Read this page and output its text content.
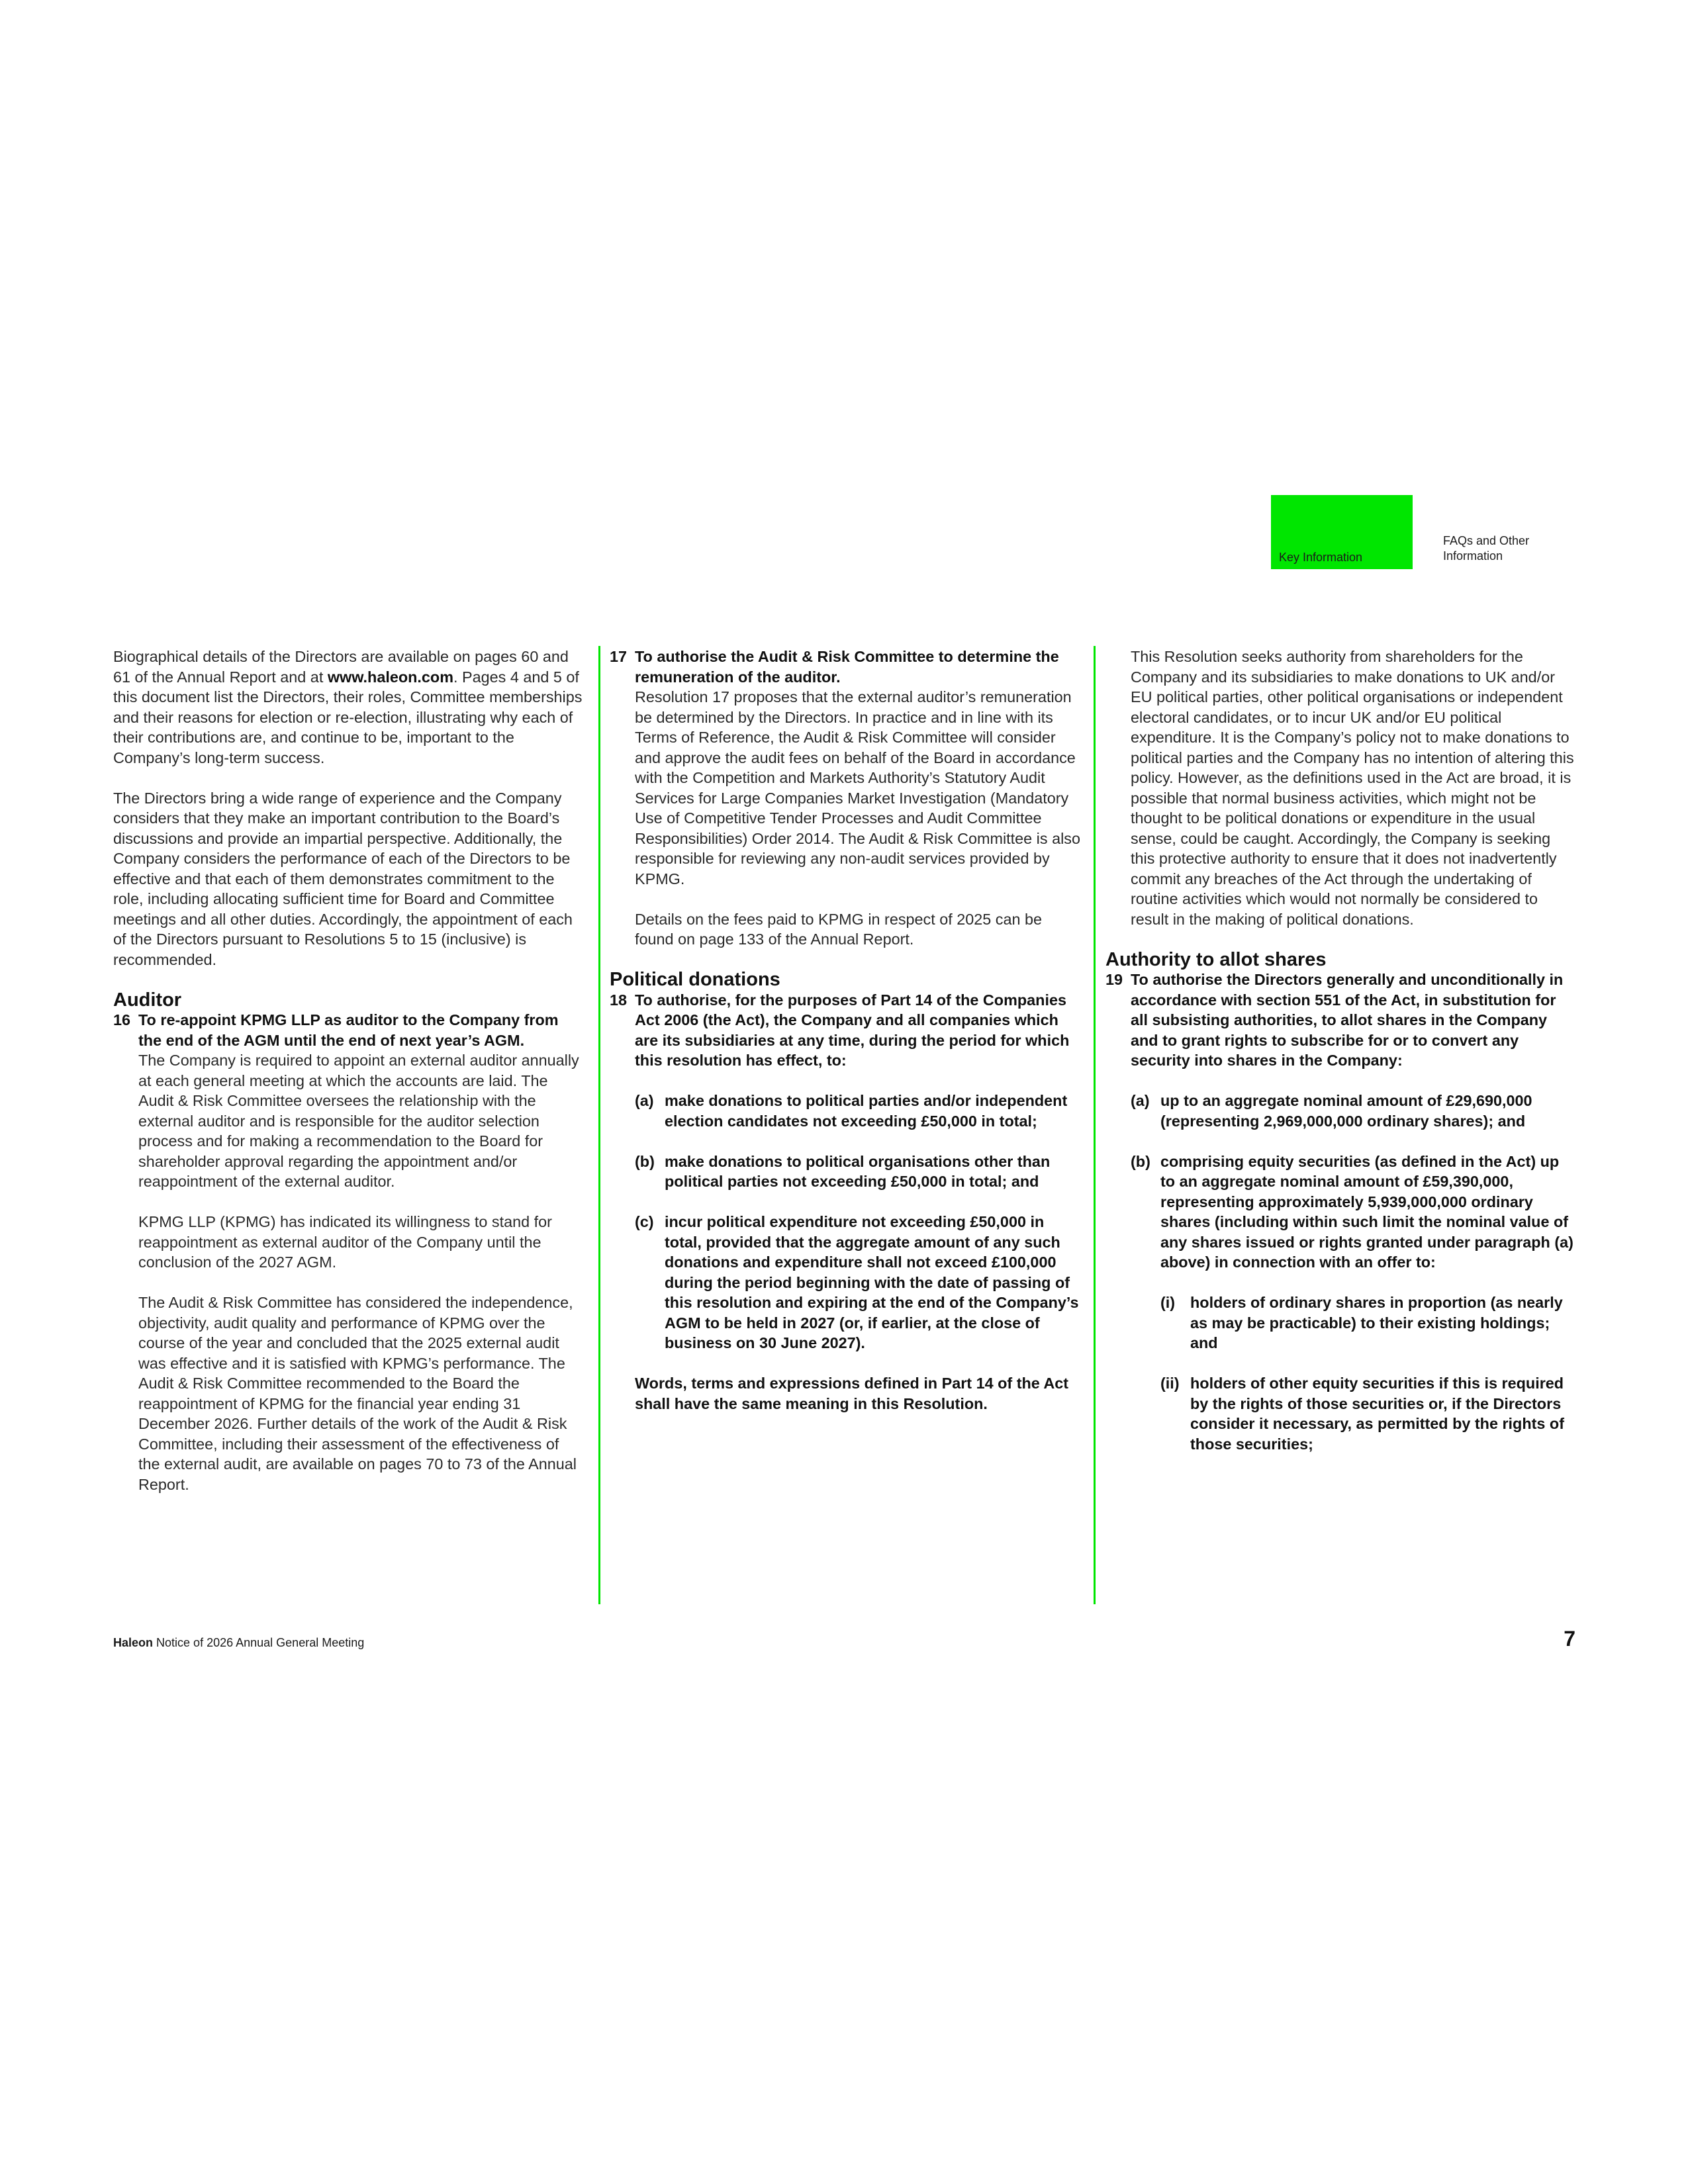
Key Information
FAQs and Other Information

Biographical details of the Directors are available on pages 60 and 61 of the Annual Report and at www.haleon.com. Pages 4 and 5 of this document list the Directors, their roles, Committee memberships and their reasons for election or re-election, illustrating why each of their contributions are, and continue to be, important to the Company’s long-term success.

The Directors bring a wide range of experience and the Company considers that they make an important contribution to the Board’s discussions and provide an impartial perspective. Additionally, the Company considers the performance of each of the Directors to be effective and that each of them demonstrates commitment to the role, including allocating sufficient time for Board and Committee meetings and all other duties. Accordingly, the appointment of each of the Directors pursuant to Resolutions 5 to 15 (inclusive) is recommended.

Auditor
16 To re-appoint KPMG LLP as auditor to the Company from the end of the AGM until the end of next year’s AGM.

The Company is required to appoint an external auditor annually at each general meeting at which the accounts are laid. The Audit & Risk Committee oversees the relationship with the external auditor and is responsible for the auditor selection process and for making a recommendation to the Board for shareholder approval regarding the appointment and/or reappointment of the external auditor.

KPMG LLP (KPMG) has indicated its willingness to stand for reappointment as external auditor of the Company until the conclusion of the 2027 AGM.

The Audit & Risk Committee has considered the independence, objectivity, audit quality and performance of KPMG over the course of the year and concluded that the 2025 external audit was effective and it is satisfied with KPMG’s performance. The Audit & Risk Committee recommended to the Board the reappointment of KPMG for the financial year ending 31 December 2026. Further details of the work of the Audit & Risk Committee, including their assessment of the effectiveness of the external audit, are available on pages 70 to 73 of the Annual Report.

17 To authorise the Audit & Risk Committee to determine the remuneration of the auditor.

Resolution 17 proposes that the external auditor’s remuneration be determined by the Directors. In practice and in line with its Terms of Reference, the Audit & Risk Committee will consider and approve the audit fees on behalf of the Board in accordance with the Competition and Markets Authority’s Statutory Audit Services for Large Companies Market Investigation (Mandatory Use of Competitive Tender Processes and Audit Committee Responsibilities) Order 2014. The Audit & Risk Committee is also responsible for reviewing any non-audit services provided by KPMG.

Details on the fees paid to KPMG in respect of 2025 can be found on page 133 of the Annual Report.

Political donations
18 To authorise, for the purposes of Part 14 of the Companies Act 2006 (the Act), the Company and all companies which are its subsidiaries at any time, during the period for which this resolution has effect, to:

(a) make donations to political parties and/or independent election candidates not exceeding £50,000 in total;
(b) make donations to political organisations other than political parties not exceeding £50,000 in total; and
(c) incur political expenditure not exceeding £50,000 in total, provided that the aggregate amount of any such donations and expenditure shall not exceed £100,000 during the period beginning with the date of passing of this resolution and expiring at the end of the Company’s AGM to be held in 2027 (or, if earlier, at the close of business on 30 June 2027).

Words, terms and expressions defined in Part 14 of the Act shall have the same meaning in this Resolution.

This Resolution seeks authority from shareholders for the Company and its subsidiaries to make donations to UK and/or EU political parties, other political organisations or independent electoral candidates, or to incur UK and/or EU political expenditure. It is the Company’s policy not to make donations to political parties and the Company has no intention of altering this policy. However, as the definitions used in the Act are broad, it is possible that normal business activities, which might not be thought to be political donations or expenditure in the usual sense, could be caught. Accordingly, the Company is seeking this protective authority to ensure that it does not inadvertently commit any breaches of the Act through the undertaking of routine activities which would not normally be considered to result in the making of political donations.

Authority to allot shares
19 To authorise the Directors generally and unconditionally in accordance with section 551 of the Act, in substitution for all subsisting authorities, to allot shares in the Company and to grant rights to subscribe for or to convert any security into shares in the Company:

(a) up to an aggregate nominal amount of £29,690,000 (representing 2,969,000,000 ordinary shares); and
(b) comprising equity securities (as defined in the Act) up to an aggregate nominal amount of £59,390,000, representing approximately 5,939,000,000 ordinary shares (including within such limit the nominal value of any shares issued or rights granted under paragraph (a) above) in connection with an offer to:

(i) holders of ordinary shares in proportion (as nearly as may be practicable) to their existing holdings; and
(ii) holders of other equity securities if this is required by the rights of those securities or, if the Directors consider it necessary, as permitted by the rights of those securities;
Haleon Notice of 2026 Annual General Meeting	7
